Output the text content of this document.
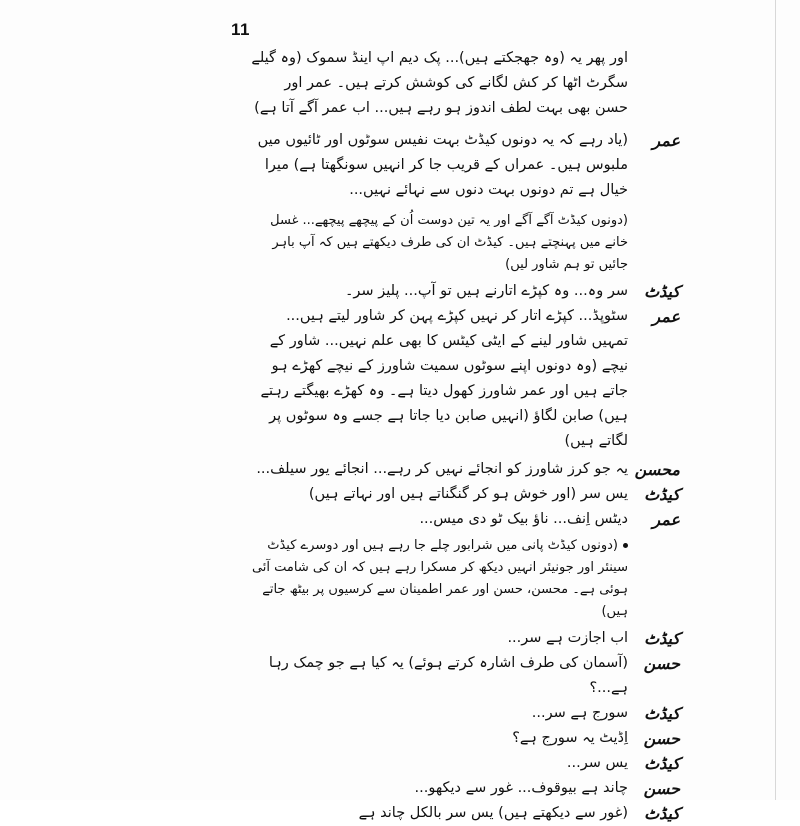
11
اور پھر یہ (وہ جھجکتے ہیں)... پک دیم اپ اینڈ سموک (وہ گیلے سگرٹ اٹھا کر کش لگانے کی کوشش کرتے ہیں۔ عمر اور حسن بھی بہت لطف اندوز ہو رہے ہیں... اب عمر آگے آتا ہے)
عمر
(یاد رہے کہ یہ دونوں کیڈٹ بہت نفیس سوٹوں اور ٹائیوں میں ملبوس ہیں۔ عمراں کے قریب جا کر انہیں سونگھتا ہے) میرا خیال ہے تم دونوں بہت دنوں سے نہائے نہیں...
(دونوں کیڈٹ آگے آگے اور یہ تین دوست اُن کے پیچھے پیچھے... غسل خانے میں پہنچتے ہیں۔ کیڈٹ ان کی طرف دیکھتے ہیں کہ آپ باہر جائیں تو ہم شاور لیں)
کیڈٹ
سر وہ... وہ کپڑے اتارنے ہیں تو آپ... پلیز سر۔
عمر
سٹوپڈ... کپڑے اتار کر نہیں کپڑے پہن کر شاور لیتے ہیں... تمہیں شاور لینے کے ایٹی کیٹس کا بھی علم نہیں... شاور کے نیچے (وہ دونوں اپنے سوٹوں سمیت شاورز کے نیچے کھڑے ہو جاتے ہیں اور عمر شاورز کھول دیتا ہے۔ وہ کھڑے بھیگتے رہتے ہیں) صابن لگاؤ (انہیں صابن دیا جاتا ہے جسے وہ سوٹوں پر لگاتے ہیں)
محسن
یہ جو کرز شاورز کو انجائے نہیں کر رہے... انجائے یور سیلف...
کیڈٹ
یس سر (اور خوش ہو کر گنگناتے ہیں اور نہاتے ہیں)
عمر
دیٹس اِنف... ناؤ بیک ٹو دی میس...
(دونوں کیڈٹ پانی میں شرابور چلے جا رہے ہیں اور دوسرے کیڈٹ سینئر اور جونیئر انہیں دیکھ کر مسکرا رہے ہیں کہ ان کی شامت آئی ہوئی ہے۔ محسن، حسن اور عمر اطمینان سے کرسیوں پر بیٹھ جاتے ہیں)
کیڈٹ
اب اجازت ہے سر...
حسن
(آسمان کی طرف اشارہ کرتے ہوئے) یہ کیا ہے جو چمک رہا ہے...؟
کیڈٹ
سورج ہے سر...
حسن
اِڈیٹ یہ سورج ہے؟
کیڈٹ
یس سر...
حسن
چاند ہے بیوقوف... غور سے دیکھو...
کیڈٹ
(غور سے دیکھتے ہیں) یس سر بالکل چاند ہے
